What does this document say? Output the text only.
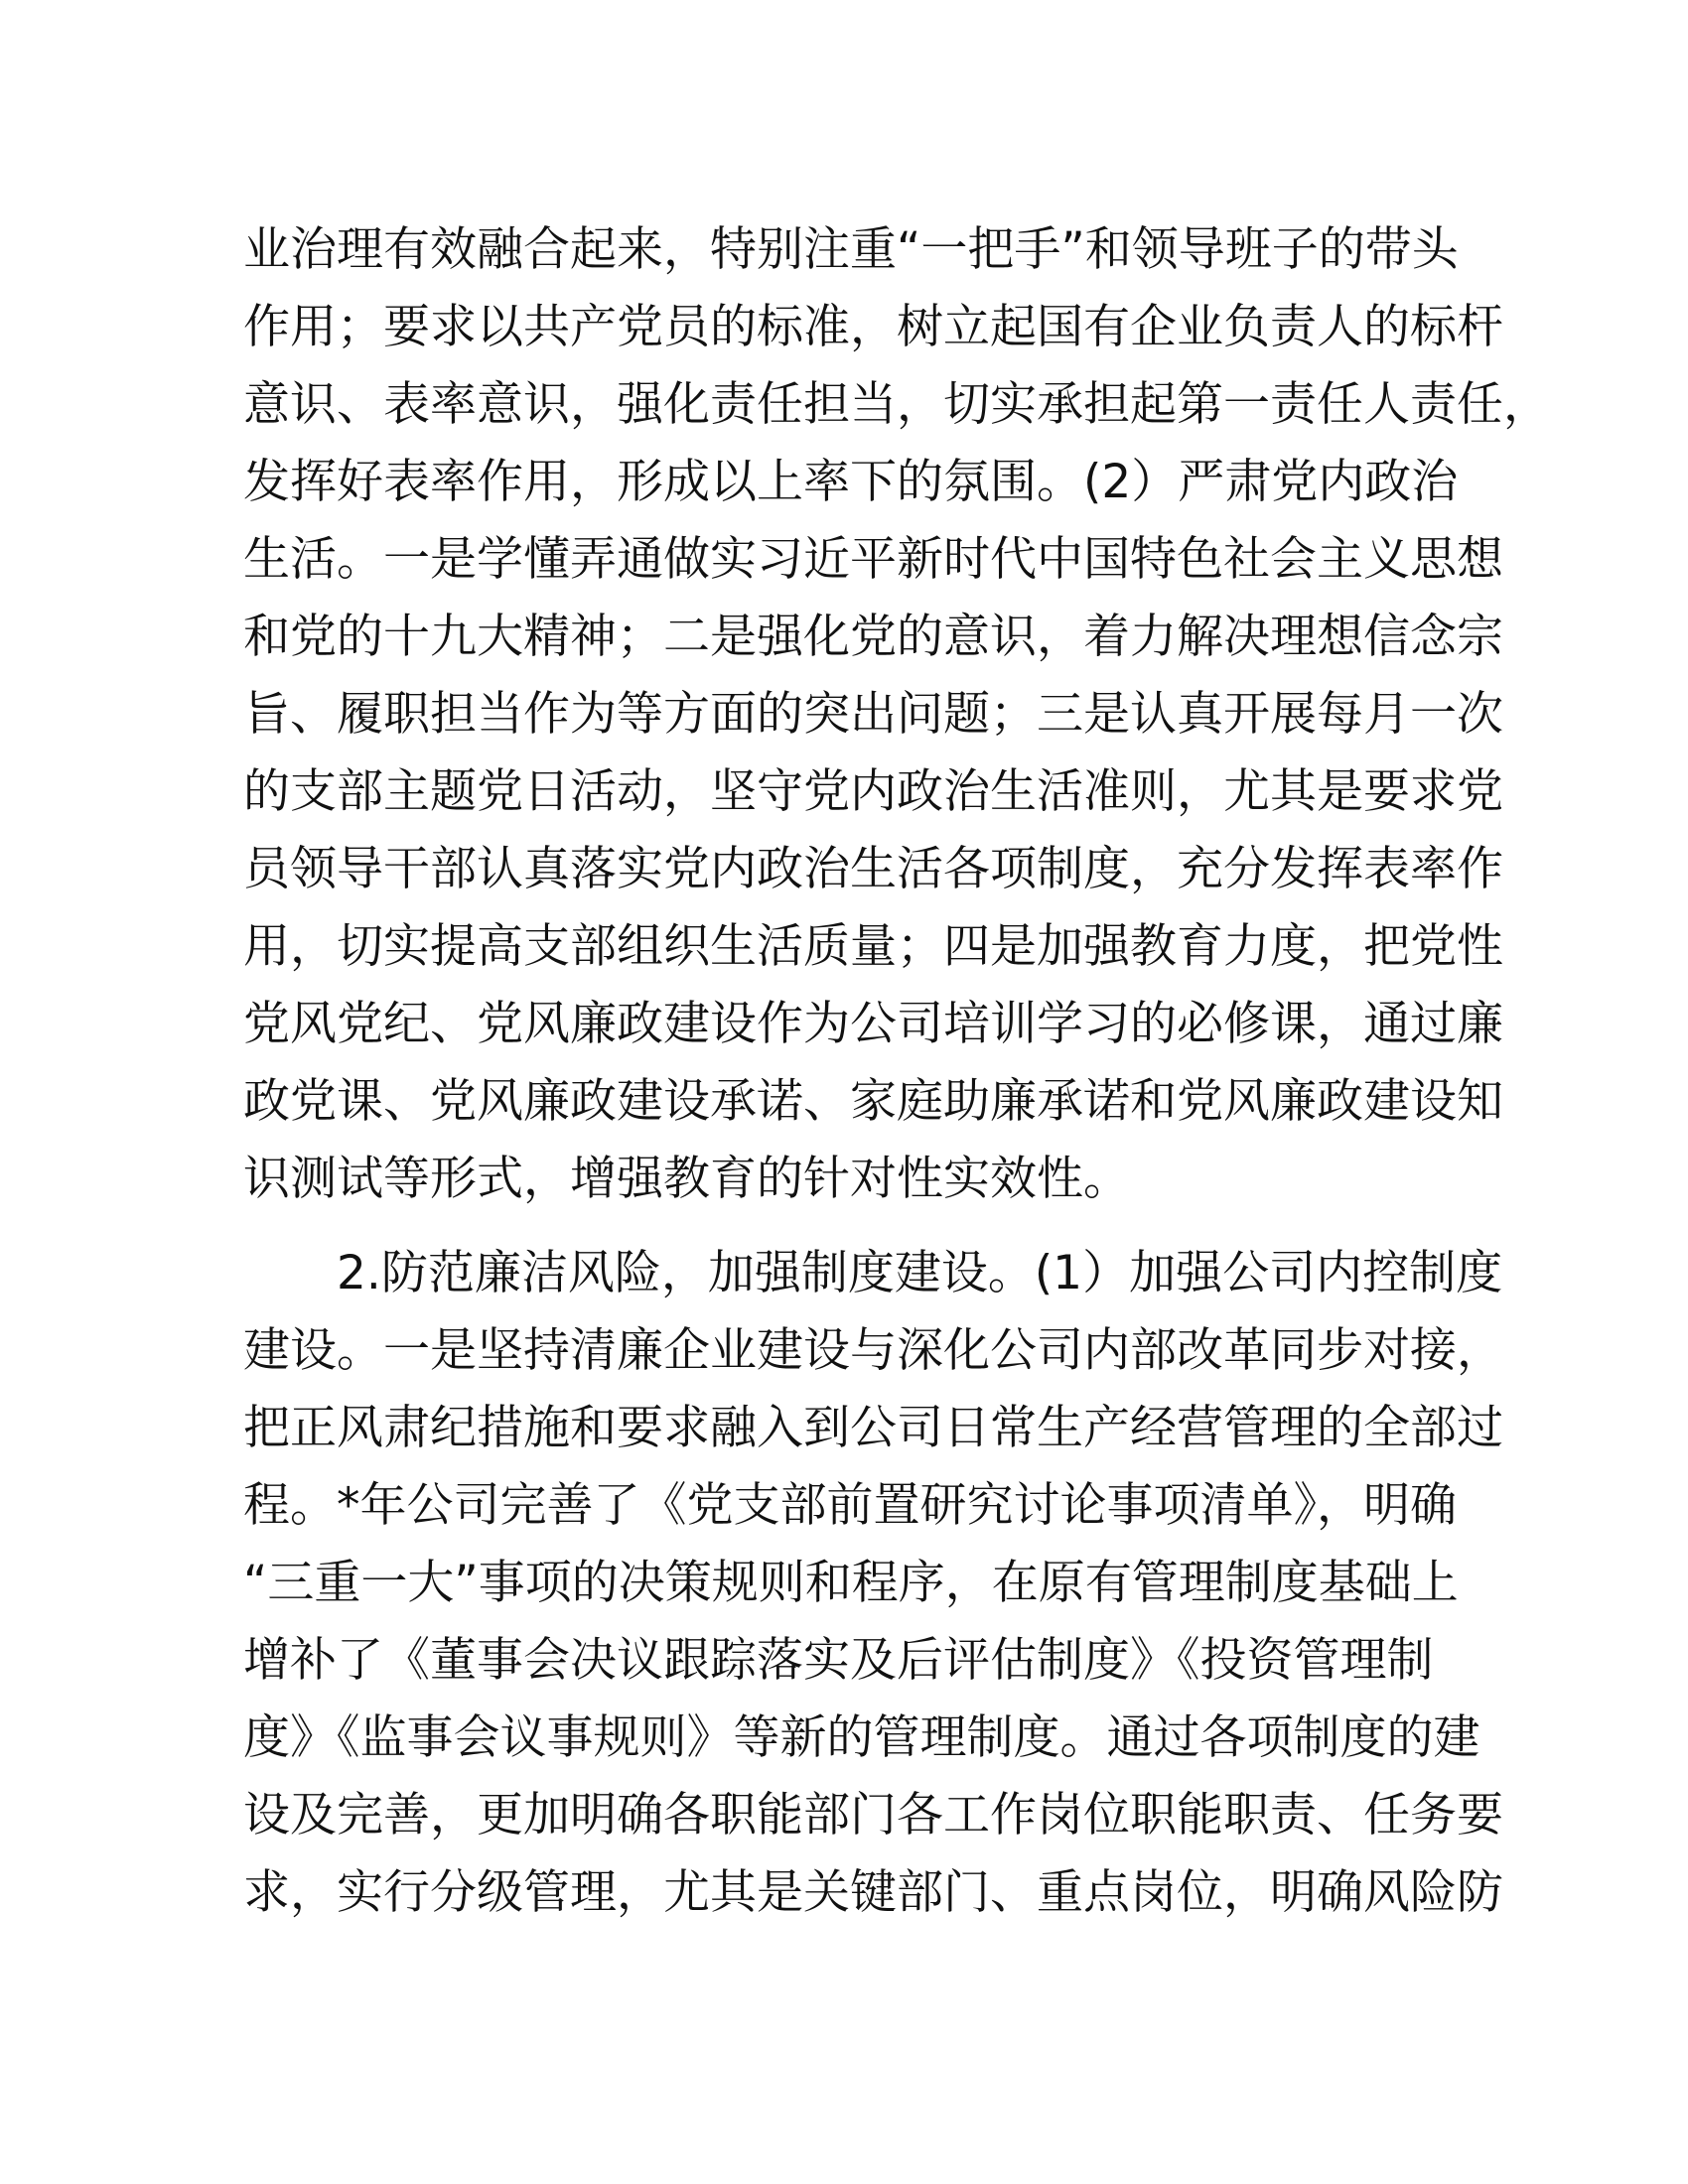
业治理有效融合起来，特别注重“一把手”和领导班子的带头
作用；要求以共产党员的标准，树立起国有企业负责人的标杆
意识、表率意识，强化责任担当，切实承担起第一责任人责任，
发挥好表率作用，形成以上率下的氛围。(2）严肃党内政治
生活。一是学懂弄通做实习近平新时代中国特色社会主义思想
和党的十九大精神；二是强化党的意识，着力解决理想信念宗
旨、履职担当作为等方面的突出问题；三是认真开展每月一次
的支部主题党日活动，坚守党内政治生活准则，尤其是要求党
员领导干部认真落实党内政治生活各项制度，充分发挥表率作
用，切实提高支部组织生活质量；四是加强教育力度，把党性
党风党纪、党风廉政建设作为公司培训学习的必修课，通过廉
政党课、党风廉政建设承诺、家庭助廉承诺和党风廉政建设知
识测试等形式，增强教育的针对性实效性。
2.防范廉洁风险，加强制度建设。(1）加强公司内控制度
建设。一是坚持清廉企业建设与深化公司内部改革同步对接，
把正风肃纪措施和要求融入到公司日常生产经营管理的全部过
程。*年公司完善了《党支部前置研究讨论事项清单》，明确
“三重一大”事项的决策规则和程序，在原有管理制度基础上
增补了《董事会决议跟踪落实及后评估制度》《投资管理制
度》《监事会议事规则》等新的管理制度。通过各项制度的建
设及完善，更加明确各职能部门各工作岗位职能职责、任务要
求，实行分级管理，尤其是关键部门、重点岗位，明确风险防
